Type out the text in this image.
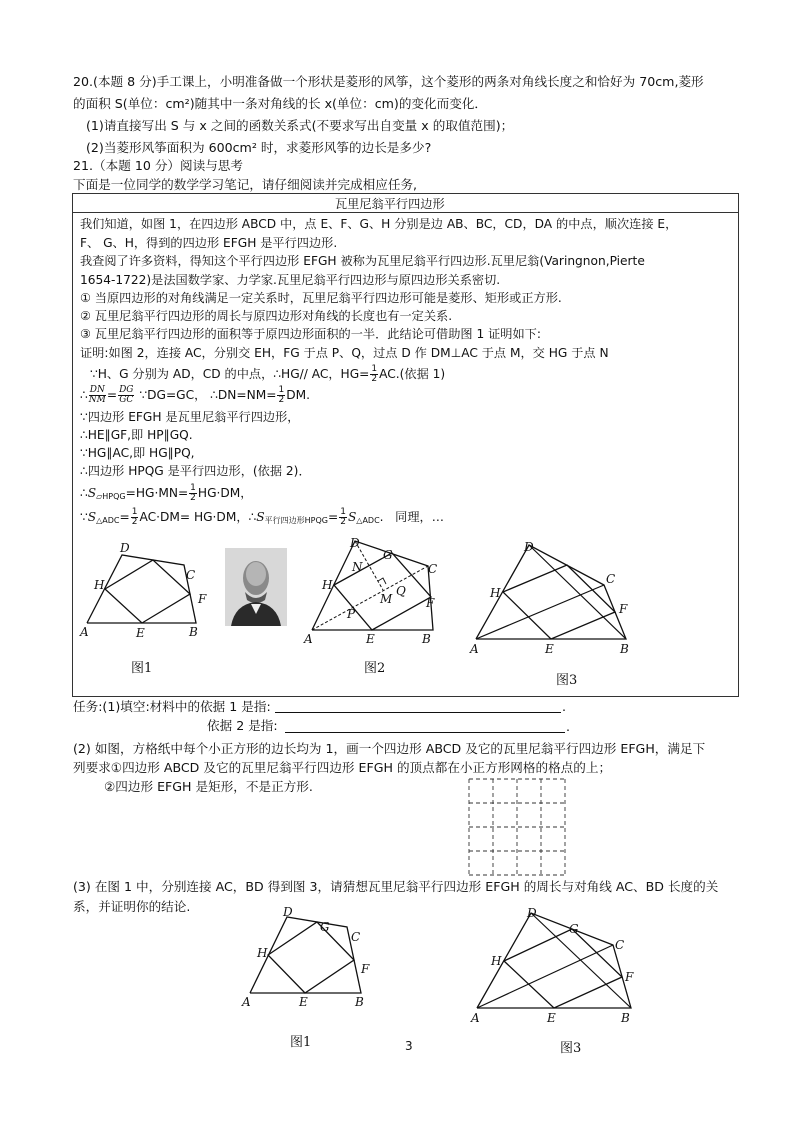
20.(本题 8 分)手工课上，小明准备做一个形状是菱形的风筝，这个菱形的两条对角线长度之和恰好为 70cm,菱形
的面积 S(单位：cm²)随其中一条对角线的长 x(单位：cm)的变化而变化．
(1)请直接写出 S 与 x 之间的函数关系式(不要求写出自变量 x 的取值范围)；
(2)当菱形风筝面积为 600cm² 时，求菱形风筝的边长是多少?
21.（本题 10 分）阅读与思考
下面是一位同学的数学学习笔记，请仔细阅读并完成相应任务,
瓦里尼翁平行四边形
我们知道，如图 1，在四边形 ABCD 中，点 E、F、G、H 分别是边 AB、BC，CD，DA 的中点，顺次连接 E，
F、 G、H，得到的四边形 EFGH 是平行四边形.
我查阅了许多资料，得知这个平行四边形 EFGH 被称为瓦里尼翁平行四边形.瓦里尼翁(Varingnon,Pierte
1654-1722)是法国数学家、力学家.瓦里尼翁平行四边形与原四边形关系密切.
① 当原四边形的对角线满足一定关系时，瓦里尼翁平行四边形可能是菱形、矩形或正方形.
② 瓦里尼翁平行四边形的周长与原四边形对角线的长度也有一定关系.
③ 瓦里尼翁平行四边形的面积等于原四边形面积的一半．此结论可借助图 1 证明如下:
证明:如图 2，连接 AC，分别交 EH，FG 于点 P、Q，过点 D 作 DM⊥AC 于点 M，交 HG 于点 N
∵H、G 分别为 AD，CD 的中点，∴HG// AC，$HG= \frac{1}{2} AC$.(依据 1)
∴ $\frac{DN}{NM} = \frac{DG}{GC}$ ∵DG=GC， ∴DN=NM= $\frac{1}{2}$ DM.
∵四边形 EFGH 是瓦里尼翁平行四边形，
∴HE∥GF,即 HP∥GQ.
∵HG∥AC,即 HG∥PQ,
∴四边形 HPQG 是平行四边形，(依据 2)．
$\therefore S_{▱HPQG}=HG\cdot MN= \frac{1}{2} HG\cdot DM$，
$\because S_{\triangle ADC}= \frac{1}{2} AC\cdot DM= HG\cdot DM$，$\therefore S_{平行四边形HPQG}= \frac{1}{2} S_{\triangle ADC}$.   同理，…
A	B
C
D
E
F
H
图1
A	B
C
D
E
F
G
H
M
N
P
Q
图2
A	B
C
D
E
F
H
图3
任务:(1)填空:材料中的依据 1 是指:	.
依据 2 是指:	.
(2) 如图，方格纸中每个小正方形的边长均为 1，画一个四边形 ABCD 及它的瓦里尼翁平行四边形 EFGH，满足下
列要求①四边形 ABCD 及它的瓦里尼翁平行四边形 EFGH 的顶点都在小正方形网格的格点的上；
②四边形 EFGH 是矩形，不是正方形.
(3) 在图 1 中，分别连接 AC，BD 得到图 3，请猜想瓦里尼翁平行四边形 EFGH 的周长与对角线 AC、BD 长度的关
系，并证明你的结论.
A	B
C
D
E
F
G
H
图1	3
A	B
C
D
E
F
G
H
图3
